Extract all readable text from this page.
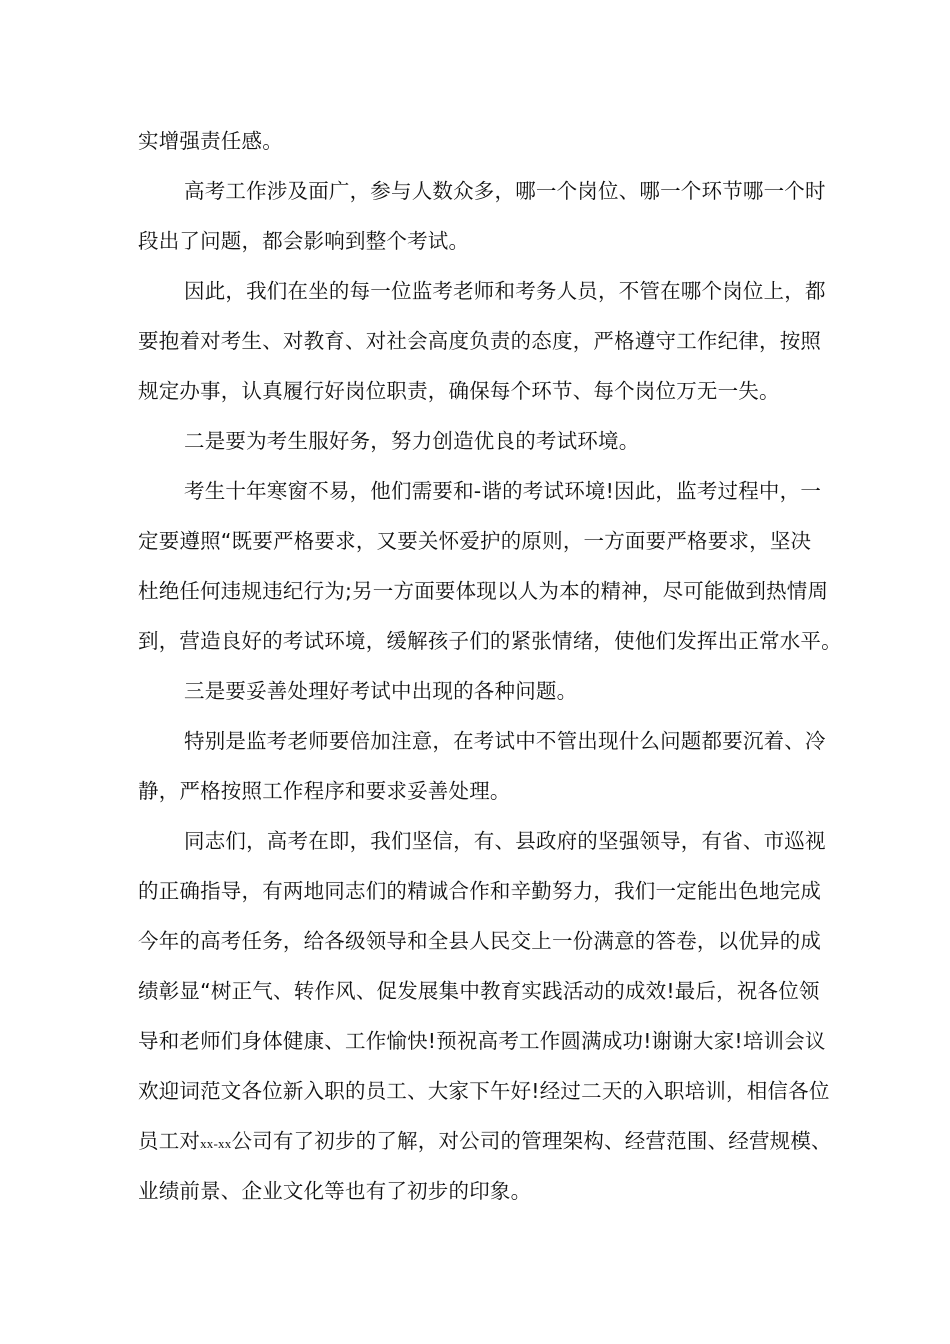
实增强责任感。
高考工作涉及面广，参与人数众多，哪一个岗位、哪一个环节哪一个时
段出了问题，都会影响到整个考试。
因此，我们在坐的每一位监考老师和考务人员，不管在哪个岗位上，都
要抱着对考生、对教育、对社会高度负责的态度，严格遵守工作纪律，按照
规定办事，认真履行好岗位职责，确保每个环节、每个岗位万无一失。
二是要为考生服好务，努力创造优良的考试环境。
考生十年寒窗不易，他们需要和-谐的考试环境!因此，监考过程中，一
定要遵照“既要严格要求，又要关怀爱护的原则，一方面要严格要求，坚决
杜绝任何违规违纪行为;另一方面要体现以人为本的精神，尽可能做到热情周
到，营造良好的考试环境，缓解孩子们的紧张情绪，使他们发挥出正常水平。
三是要妥善处理好考试中出现的各种问题。
特别是监考老师要倍加注意，在考试中不管出现什么问题都要沉着、冷
静，严格按照工作程序和要求妥善处理。
同志们，高考在即，我们坚信，有、县政府的坚强领导，有省、市巡视
的正确指导，有两地同志们的精诚合作和辛勤努力，我们一定能出色地完成
今年的高考任务，给各级领导和全县人民交上一份满意的答卷，以优异的成
绩彰显“树正气、转作风、促发展集中教育实践活动的成效!最后，祝各位领
导和老师们身体健康、工作愉快!预祝高考工作圆满成功!谢谢大家!培训会议
欢迎词范文各位新入职的员工、大家下午好!经过二天的入职培训，相信各位
员工对xx-xx公司有了初步的了解，对公司的管理架构、经营范围、经营规模、
业绩前景、企业文化等也有了初步的印象。
